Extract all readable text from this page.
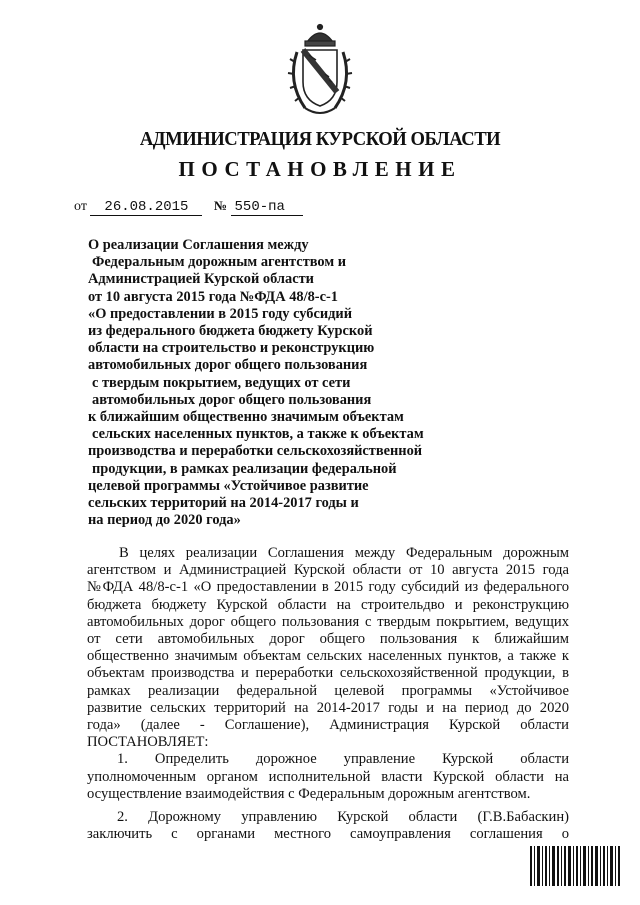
АДМИНИСТРАЦИЯ КУРСКОЙ ОБЛАСТИ
ПОСТАНОВЛЕНИЕ
от 26.08.2015 № 550-па
О реализации Соглашения между
Федеральным дорожным агентством и
Администрацией Курской области
от 10 августа 2015 года №ФДА 48/8-с-1
«О предоставлении в 2015 году субсидий
из федерального бюджета бюджету Курской
области на строительство и реконструкцию
автомобильных дорог общего пользования
с твердым покрытием, ведущих от сети
автомобильных дорог общего пользования
к ближайшим общественно значимым объектам
сельских населенных пунктов, а также к объектам
производства и переработки сельскохозяйственной
продукции, в рамках реализации федеральной
целевой программы «Устойчивое развитие
сельских территорий на 2014-2017 годы и
на период до 2020 года»

В целях реализации Соглашения между Федеральным дорожным
агентством и Администрацией Курской области от 10 августа 2015 года
№ФДА 48/8-с-1 «О предоставлении в 2015 году субсидий из федерального
бюджета бюджету Курской области на строительдво и реконструкцию
автомобильных дорог общего пользования с твердым покрытием, ведущих
от сети автомобильных дорог общего пользования к ближайшим
общественно значимым объектам сельских населенных пунктов, а также к
объектам производства и переработки сельскохозяйственной продукции, в
рамках реализации федеральной целевой программы «Устойчивое
развитие сельских территорий на 2014-2017 годы и на период до 2020
года» (далее - Соглашение), Администрация Курской области
ПОСТАНОВЛЯЕТ:

1. Определить дорожное управление Курской области
уполномоченным органом исполнительной власти Курской области на
осуществление взаимодействия с Федеральным дорожным агентством.

2. Дорожному управлению Курской области (Г.В.Бабаскин)
заключить с органами местного самоуправления соглашения о
